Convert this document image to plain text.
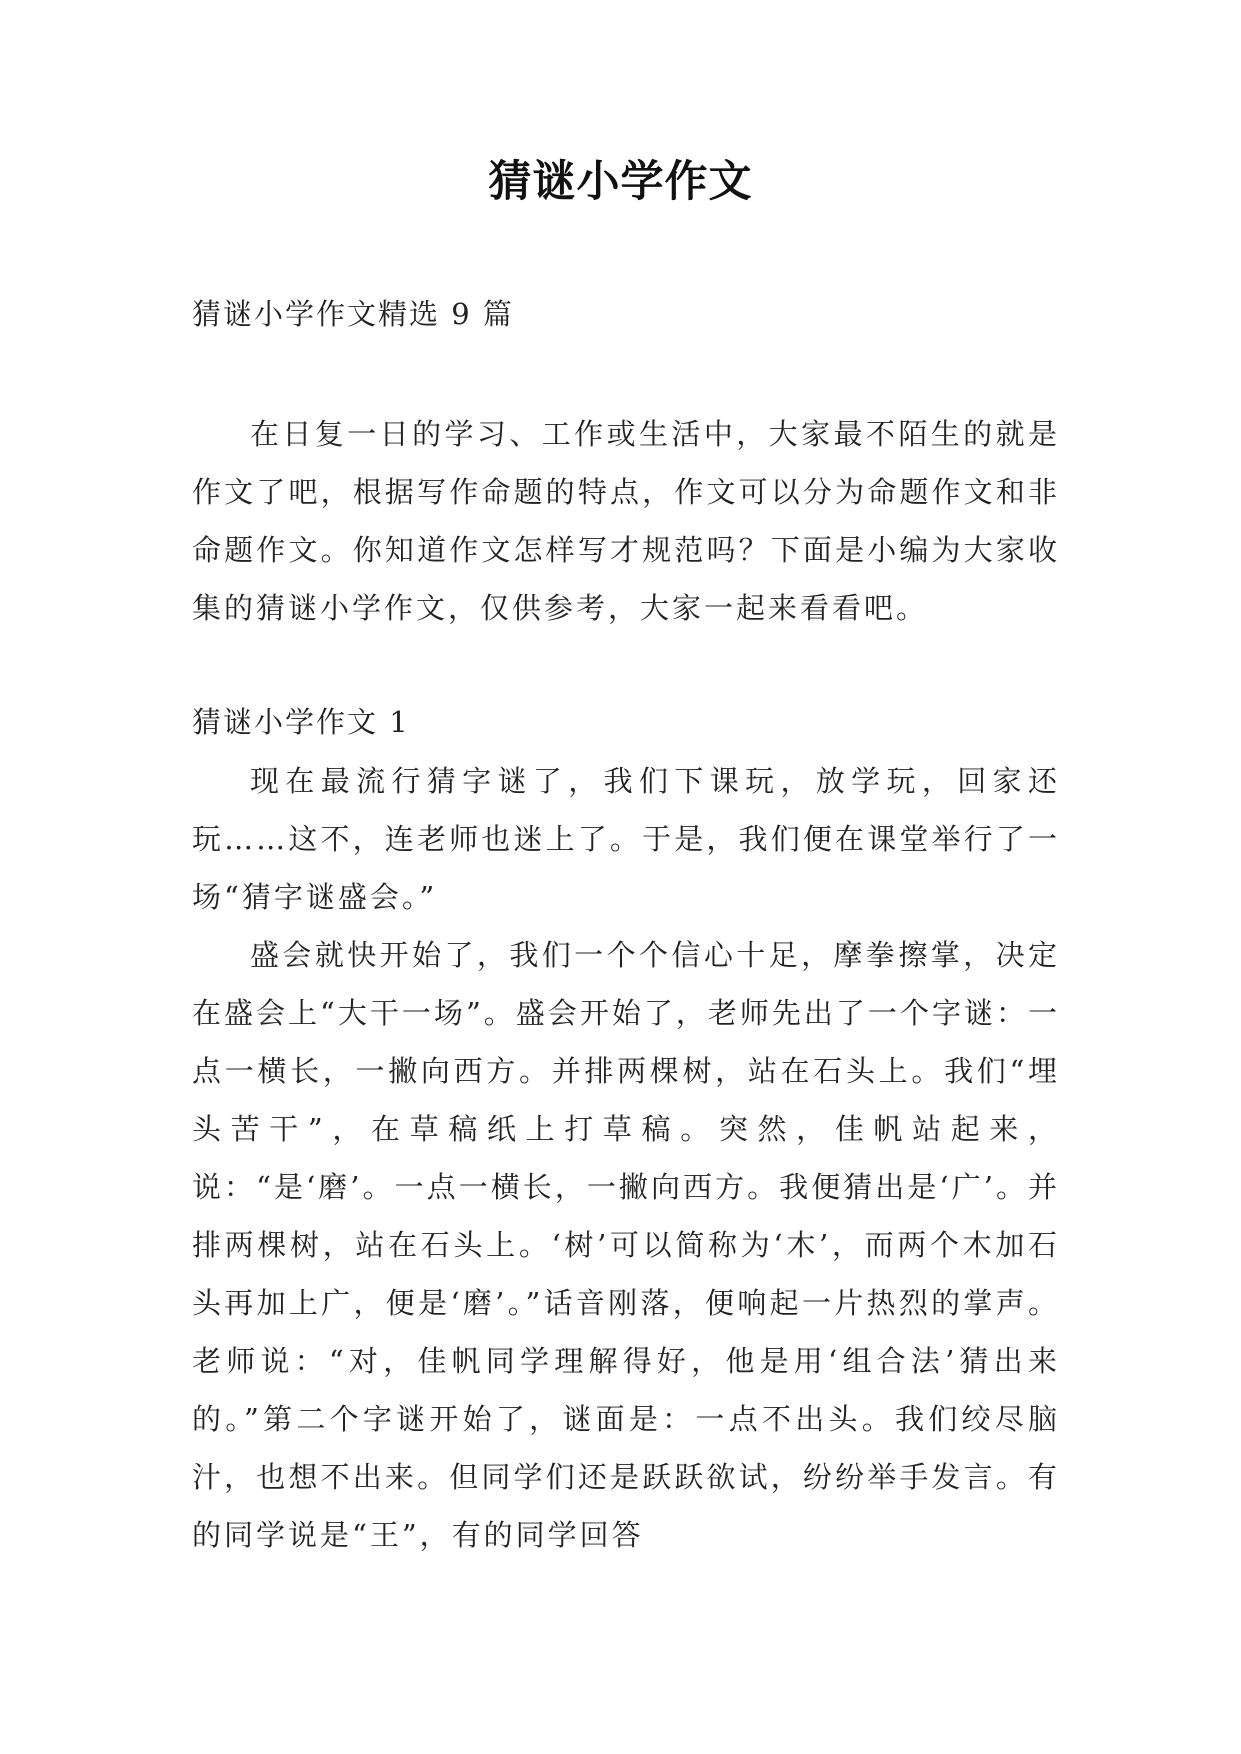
猜谜小学作文

猜谜小学作文精选 9 篇

在日复一日的学习、工作或生活中，大家最不陌生的就是作文了吧，根据写作命题的特点，作文可以分为命题作文和非命题作文。你知道作文怎样写才规范吗？下面是小编为大家收集的猜谜小学作文，仅供参考，大家一起来看看吧。

猜谜小学作文 1

现在最流行猜字谜了，我们下课玩，放学玩，回家还玩……这不，连老师也迷上了。于是，我们便在课堂举行了一场“猜字谜盛会。”

盛会就快开始了，我们一个个信心十足，摩拳擦掌，决定在盛会上“大干一场”。盛会开始了，老师先出了一个字谜：一点一横长，一撇向西方。并排两棵树，站在石头上。我们“埋头苦干”，在草稿纸上打草稿。突然，佳帆站起来，说：“是‘磨’。一点一横长，一撇向西方。我便猜出是‘广’。并排两棵树，站在石头上。‘树’可以简称为‘木’，而两个木加石头再加上广，便是‘磨’。”话音刚落，便响起一片热烈的掌声。老师说：“对，佳帆同学理解得好，他是用‘组合法’猜出来的。”第二个字谜开始了，谜面是：一点不出头。我们绞尽脑汁，也想不出来。但同学们还是跃跃欲试，纷纷举手发言。有的同学说是“王”，有的同学回答
